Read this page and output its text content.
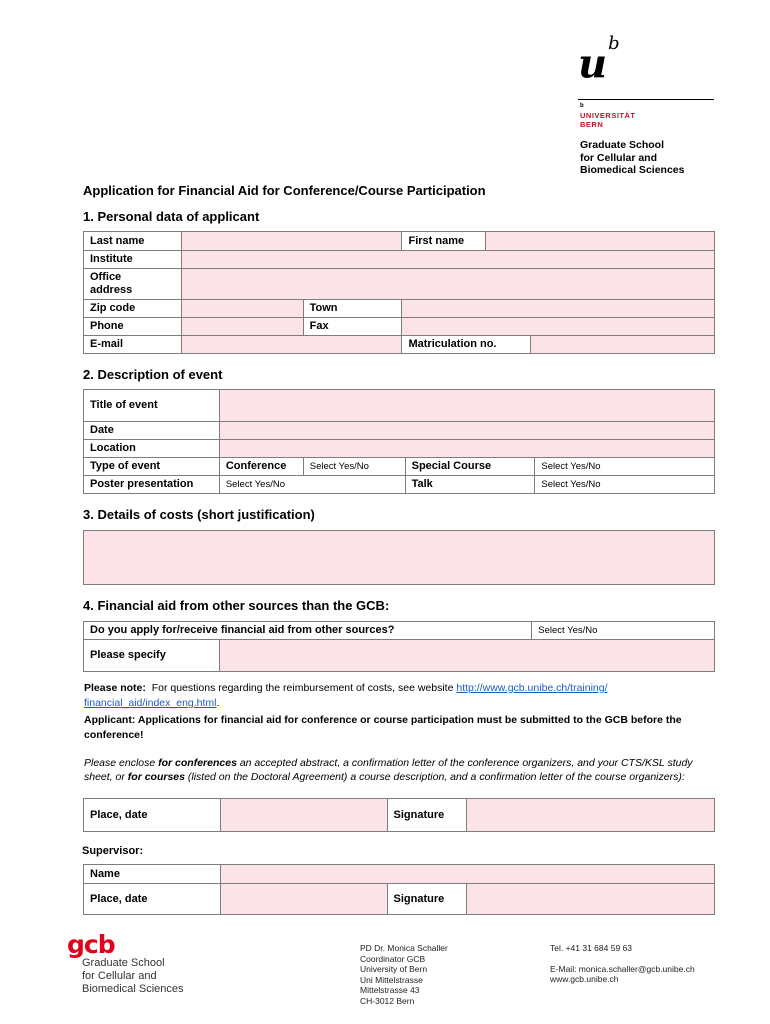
u $^b$
b
UNIVERSITÄT
BERN
Graduate School
for Cellular and
Biomedical Sciences
Application for Financial Aid for Conference/Course Participation
1. Personal data of applicant
Last name			First name		
Institute					

Office
address					

Zip code		Town			
Phone		Fax			
E-mail			Matriculation no.		
2. Description of event
Title of event				
Date				
Location				
Type of event	Conference	Select Yes/No	Special Course	Select Yes/No
Poster presentation	Select Yes/No		Talk	Select Yes/No
3. Details of costs (short justification)
4. Financial aid from other sources than the GCB:
Do you apply for/receive financial aid from other sources?		Select Yes/No
Please specify		
Please note: For questions regarding the reimbursement of costs, see website http://www.gcb.unibe.ch/training/
financial_aid/index_eng.html.
Applicant: Applications for financial aid for conference or course participation must be submitted to the GCB before the conference!
Please enclose for conferences an accepted abstract, a confirmation letter of the conference organizers, and your CTS/KSL study sheet, or for courses (listed on the Doctoral Agreement) a course description, and a confirmation letter of the course organizers):
Place, date		Signature	
Supervisor:
Name			
Place, date		Signature	
gcb
Graduate School
for Cellular and
Biomedical Sciences
PD Dr. Monica Schaller
Coordinator GCB
University of Bern
Uni Mittelstrasse
Mittelstrasse 43
CH-3012 Bern
Tel. +41 31 684 59 63
E-Mail: monica.schaller@gcb.unibe.ch
www.gcb.unibe.ch
